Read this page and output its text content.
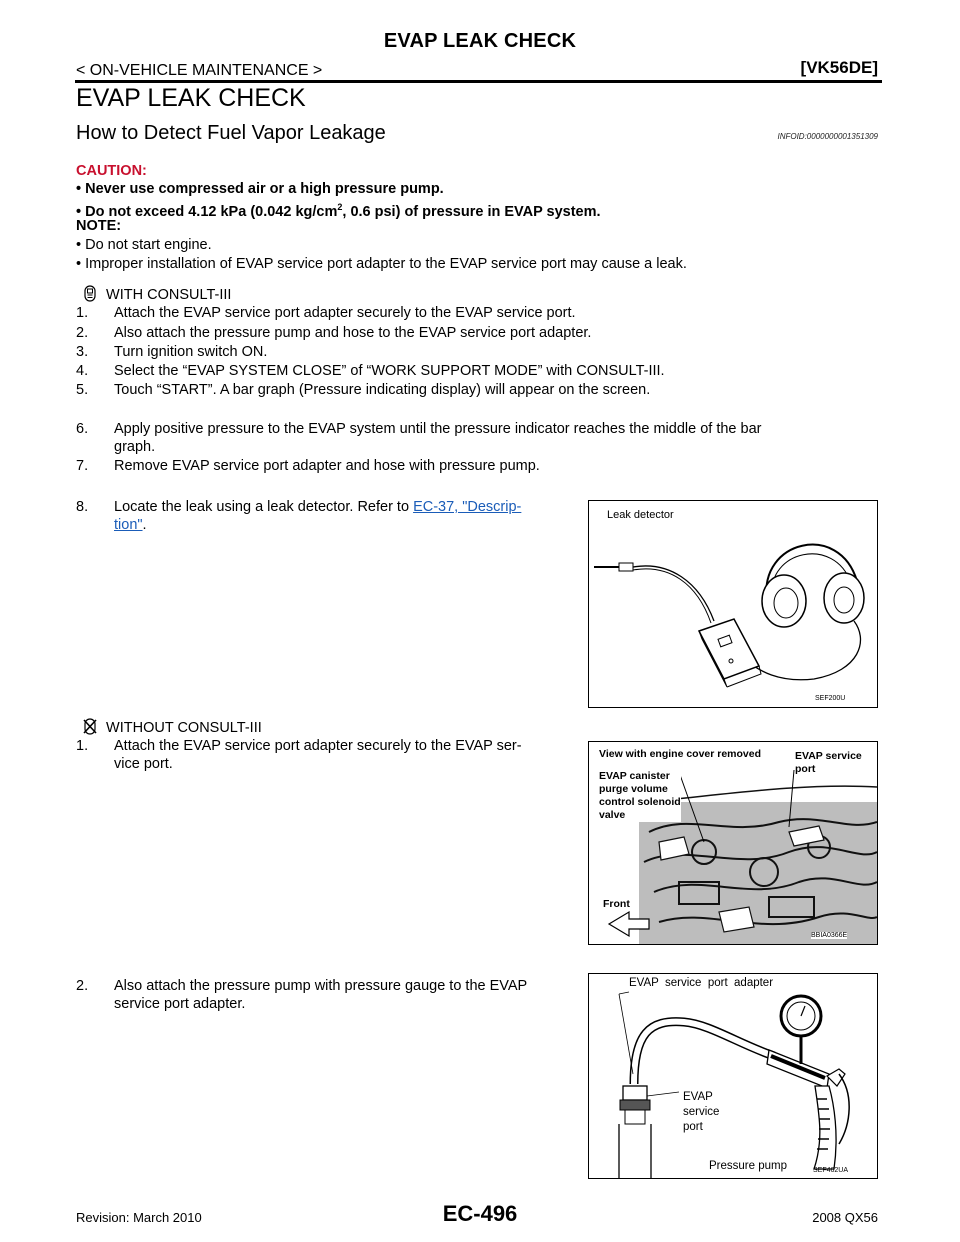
EVAP LEAK CHECK
< ON-VEHICLE MAINTENANCE >	[VK56DE]
EVAP LEAK CHECK
How to Detect Fuel Vapor Leakage	INFOID:0000000001351309
CAUTION:
• Never use compressed air or a high pressure pump.
• Do not exceed 4.12 kPa (0.042 $kg/cm^2$, 0.6 psi) of pressure in EVAP system.
NOTE:
• Do not start engine.
• Improper installation of EVAP service port adapter to the EVAP service port may cause a leak.
WITH CONSULT-III
1. Attach the EVAP service port adapter securely to the EVAP service port.
2. Also attach the pressure pump and hose to the EVAP service port adapter.
3. Turn ignition switch ON.
4. Select the “EVAP SYSTEM CLOSE” of “WORK SUPPORT MODE” with CONSULT-III.
5. Touch “START”. A bar graph (Pressure indicating display) will appear on the screen.
6. Apply positive pressure to the EVAP system until the pressure indicator reaches the middle of the bar
graph.
7. Remove EVAP service port adapter and hose with pressure pump.
8. Locate the leak using a leak detector. Refer to EC-37, "Descrip-
tion".
Leak detector
SEF200U
WITHOUT CONSULT-III
1. Attach the EVAP service port adapter securely to the EVAP ser-
vice port.
2. Also attach the pressure pump with pressure gauge to the EVAP
service port adapter.
View with engine cover removed	EVAP service
port
EVAP canister
purge volume
control solenoid
valve
Front
BBIA0366E
EVAP  service  port  adapter
EVAP
service
port
Pressure pump	SEF462UA
Revision: March 2010	EC-496	2008 QX56
